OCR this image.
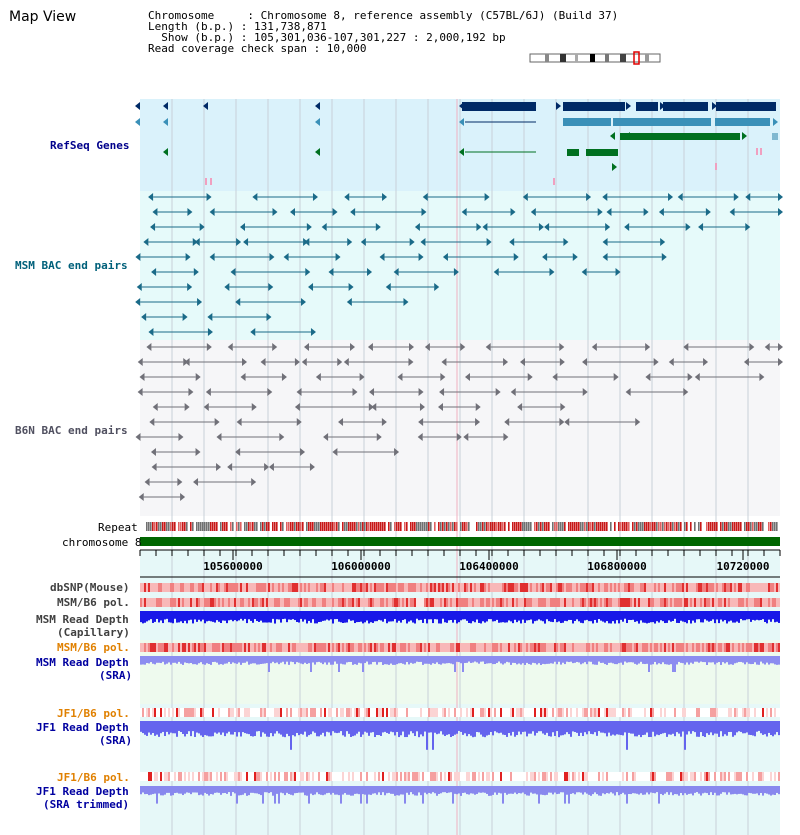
105600000	106000000	106400000	106800000	10720000
Map View	Chromosome     : Chromosome 8, reference assembly (C57BL/6J) (Build 37)
Length (b.p.) : 131,738,871
Show (b.p.) : 105,301,036-107,301,227 : 2,000,192 bp
Read coverage check span : 10,000
RefSeq Genes
MSM BAC end pairs
B6N BAC end pairs
Repeat
chromosome 8
dbSNP(Mouse)
MSM/B6 pol.
MSM Read Depth
(Capillary)
MSM/B6 pol.
MSM Read Depth
(SRA)
JF1/B6 pol.
JF1 Read Depth
(SRA)
JF1/B6 pol.
JF1 Read Depth
(SRA trimmed)
